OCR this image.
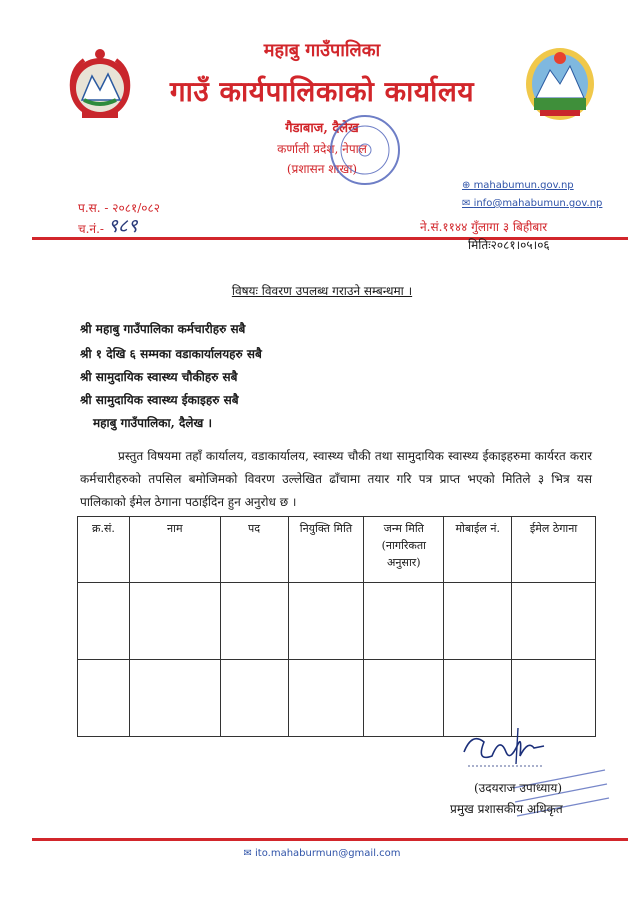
महाबु गाउँपालिका
गाउँ कार्यपालिकाको कार्यालय
गैडाबाज, दैलेख
कर्णाली प्रदेश, नेपाल
(प्रशासन शाखा)
⊕ mahabumun.gov.np
✉ info@mahabumun.gov.np
प.स. - २०८१/०८२
च.नं.- ९८९	ने.सं.११४४ गुँलागा ३ बिहीबार
मितिः२०८१।०५।०६
विषयः विवरण उपलब्ध गराउने सम्बन्धमा ।
श्री महाबु गाउँपालिका कर्मचारीहरु सबै
श्री १ देखि ६ सम्मका वडाकार्यालयहरु सबै
श्री सामुदायिक स्वास्थ्य चौकीहरु सबै
श्री सामुदायिक स्वास्थ्य ईकाइहरु सबै
महाबु गाउँपालिका, दैलेख ।
प्रस्तुत विषयमा तहाँ कार्यालय, वडाकार्यालय, स्वास्थ्य चौकी तथा सामुदायिक स्वास्थ्य ईकाइहरुमा कार्यरत करार कर्मचारीहरुको तपसिल बमोजिमको विवरण उल्लेखित ढाँचामा तयार गरि पत्र प्राप्त भएको मितिले ३ भित्र यस पालिकाको ईमेल ठेगाना पठाईदिन हुन अनुरोध छ ।
क्र.सं.	नाम	पद	नियुक्ति मिति	जन्म मिति (नागरिकता अनुसार)	मोबाईल नं.	ईमेल ठेगाना

(उदयराज उपाध्याय)
प्रमुख प्रशासकीय अधिकृत
✉ ito.mahaburmun@gmail.com
